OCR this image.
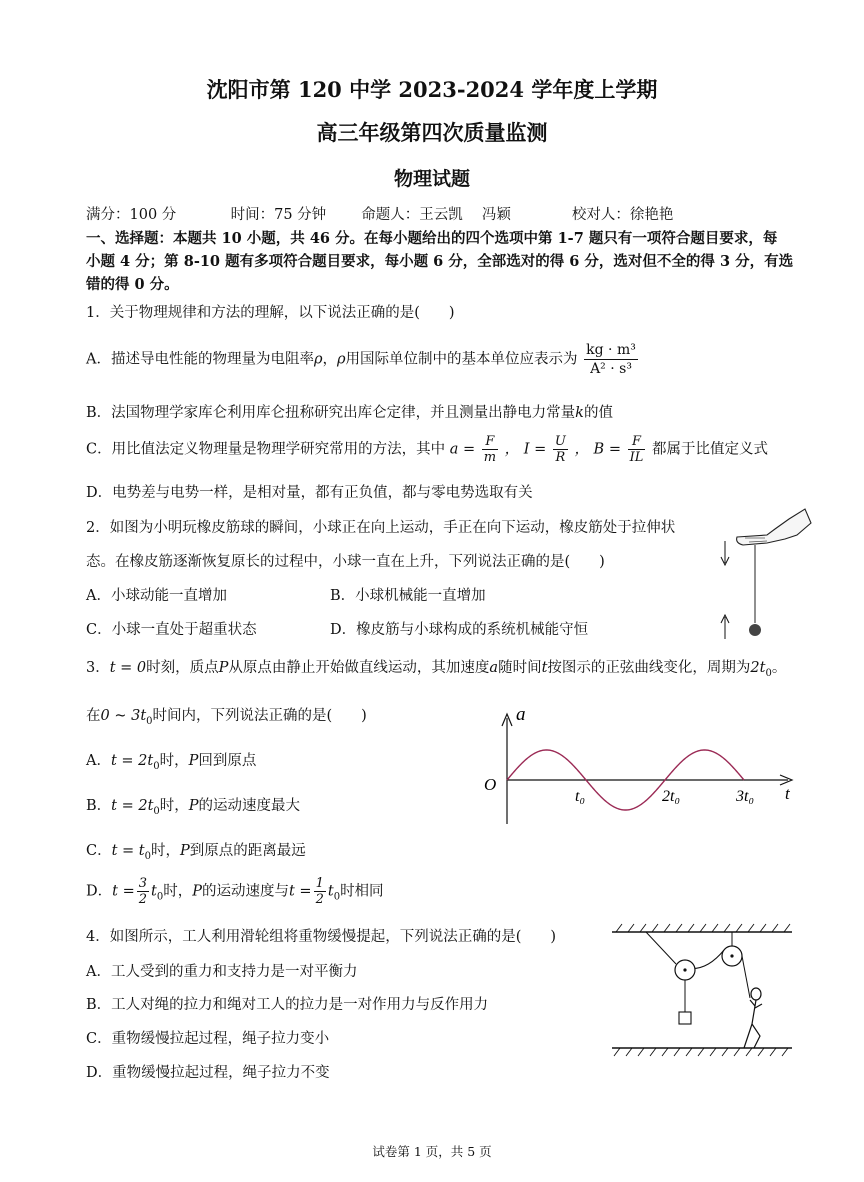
沈阳市第 120 中学 2023-2024 学年度上学期
高三年级第四次质量监测
物理试题
满分：100 分	时间：75 分钟 命题人：王云凯　 冯颖	校对人：徐艳艳
一、选择题：本题共 10 小题，共 46 分。在每小题给出的四个选项中第 1-7 题只有一项符合题目要求，每
小题 4 分；第 8-10 题有多项符合题目要求，每小题 6 分，全部选对的得 6 分，选对但不全的得 3 分，有选
错的得 0 分。
1．关于物理规律和方法的理解，以下说法正确的是(　　)
A．描述导电性能的物理量为电阻率ρ，ρ用国际单位制中的基本单位应表示为 $\frac{\text{kg · m³}}{\text{A² · s³}}$
B．法国物理学家库仑利用库仑扭称研究出库仑定律，并且测量出静电力常量k的值
C．用比值法定义物理量是物理学研究常用的方法，其中 $a = \frac{F}{m}$ ， $I = \frac{U}{R}$ ， $B = \frac{F}{IL}$ 都属于比值定义式
D．电势差与电势一样，是相对量，都有正负值，都与零电势选取有关
2．如图为小明玩橡皮筋球的瞬间，小球正在向上运动，手正在向下运动，橡皮筋处于拉伸状
态。在橡皮筋逐渐恢复原长的过程中，小球一直在上升，下列说法正确的是(　　)
A．小球动能一直增加	B．小球机械能一直增加
C．小球一直处于超重状态	D．橡皮筋与小球构成的系统机械能守恒
3．t = 0时刻，质点P从原点由静止开始做直线运动，其加速度a随时间t按图示的正弦曲线变化，周期为$2t_0$。
在0 ~ $3t_0$时间内，下列说法正确的是(　　)
A．$t = 2t_0$时，P回到原点
B．$t = 2t_0$时，P的运动速度最大
C．$t = t_0$时，P到原点的距离最远
D．$t = \frac{3}{2} t_0$时，P的运动速度与$t = \frac{1}{2} t_0$时相同
a
O	t
t₀	2t₀	3t₀
4．如图所示，工人利用滑轮组将重物缓慢提起，下列说法正确的是(　　)
A．工人受到的重力和支持力是一对平衡力
B．工人对绳的拉力和绳对工人的拉力是一对作用力与反作用力
C．重物缓慢拉起过程，绳子拉力变小
D．重物缓慢拉起过程，绳子拉力不变
试卷第 1 页，共 5 页
